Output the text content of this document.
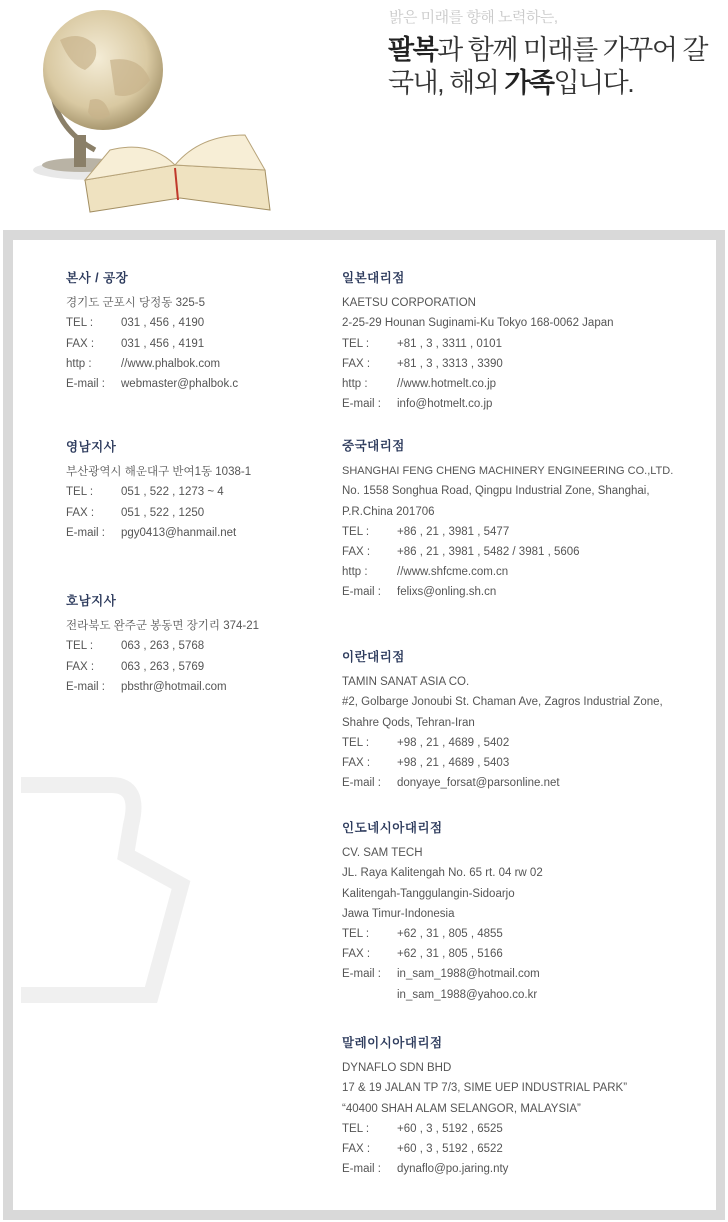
밝은 미래를 향해 노력하는,
팔복과 함께 미래를 가꾸어 갈
국내, 해외 가족입니다.
본사 / 공장
경기도 군포시 당정동 325-5
TEL :	031 , 456 , 4190
FAX :	031 , 456 , 4191
http :	//www.phalbok.com
E-mail :	webmaster@phalbok.c
영남지사
부산광역시 해운대구 반여1동 1038-1
TEL :	051 , 522 , 1273 ~ 4
FAX :	051 , 522 , 1250
E-mail :	pgy0413@hanmail.net
호남지사
전라북도 완주군 봉동면 장기리 374-21
TEL :	063 , 263 , 5768
FAX :	063 , 263 , 5769
E-mail :	pbsthr@hotmail.com
일본대리점
KAETSU CORPORATION
2-25-29 Hounan Suginami-Ku Tokyo 168-0062 Japan
TEL :	+81 , 3 , 3311 , 0101
FAX :	+81 , 3 , 3313 , 3390
http :	//www.hotmelt.co.jp
E-mail :	info@hotmelt.co.jp
중국대리점
SHANGHAI FENG CHENG MACHINERY ENGINEERING CO.,LTD.
No. 1558 Songhua Road, Qingpu Industrial Zone, Shanghai,
P.R.China 201706
TEL :	+86 , 21 , 3981 , 5477
FAX :	+86 , 21 , 3981 , 5482 / 3981 , 5606
http :	//www.shfcme.com.cn
E-mail :	felixs@onling.sh.cn
이란대리점
TAMIN SANAT ASIA CO.
#2, Golbarge Jonoubi St. Chaman Ave, Zagros Industrial Zone,
Shahre Qods, Tehran-Iran
TEL :	+98 , 21 , 4689 , 5402
FAX :	+98 , 21 , 4689 , 5403
E-mail :	donyaye_forsat@parsonline.net
인도네시아대리점
CV. SAM TECH
JL. Raya Kalitengah No. 65 rt. 04 rw 02
Kalitengah-Tanggulangin-Sidoarjo
Jawa Timur-Indonesia
TEL :	+62 , 31 , 805 , 4855
FAX :	+62 , 31 , 805 , 5166
E-mail :	in_sam_1988@hotmail.com
in_sam_1988@yahoo.co.kr
말레이시아대리점
DYNAFLO SDN BHD
17 & 19 JALAN TP 7/3, SIME UEP INDUSTRIAL PARK”
“40400 SHAH ALAM SELANGOR, MALAYSIA”
TEL :	+60 , 3 , 5192 , 6525
FAX :	+60 , 3 , 5192 , 6522
E-mail :	dynaflo@po.jaring.nty
